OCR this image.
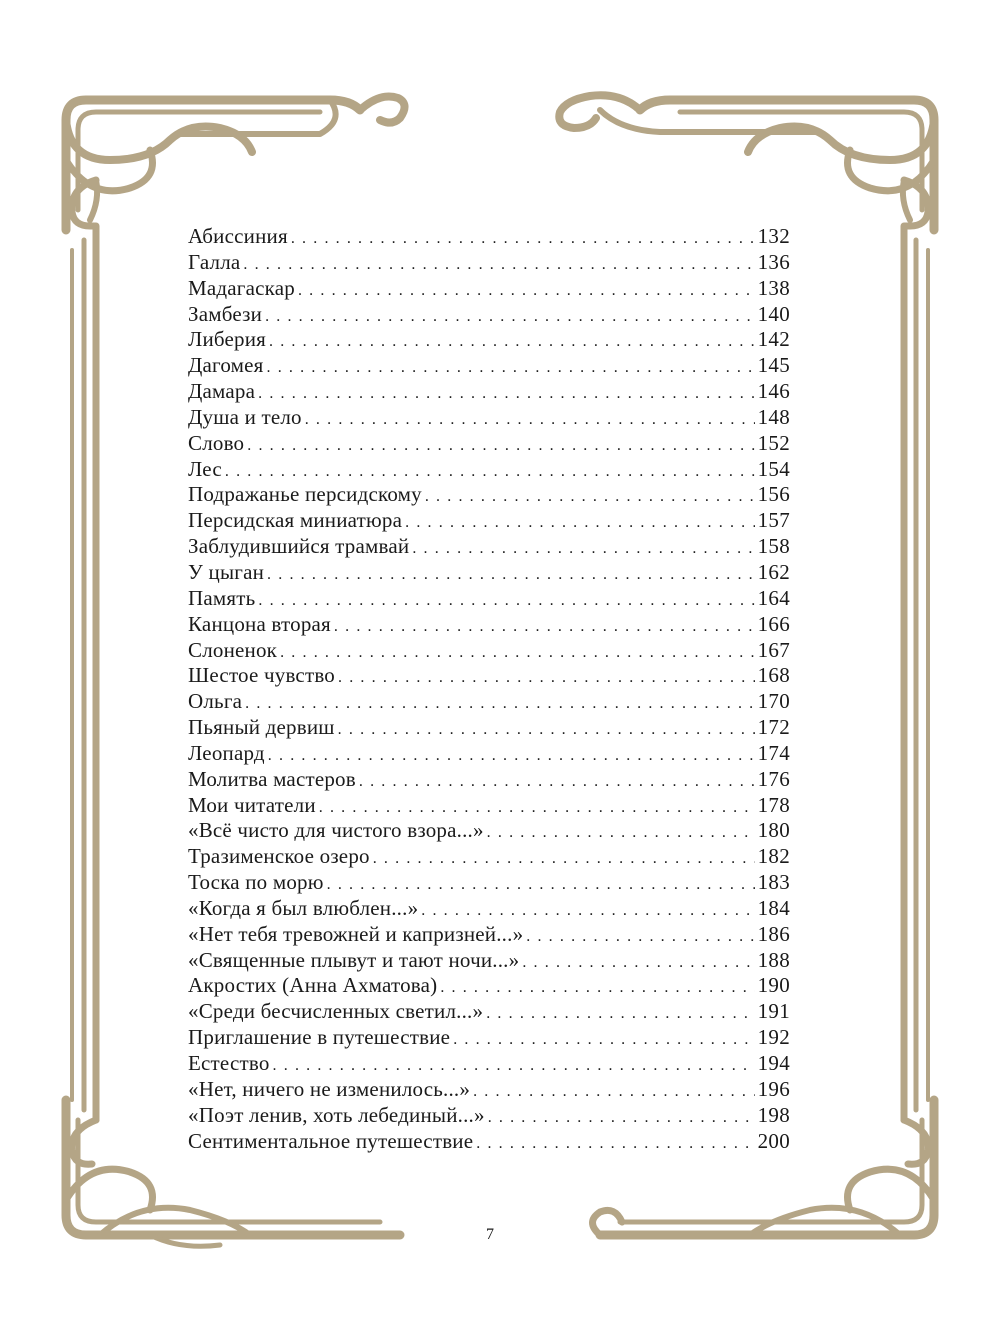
Абиссиния . . .	132
Галла . . .	136
Мадагаскар . . .	138
Замбези . . .	140
Либерия . . .	142
Дагомея . . .	145
Дамара . . .	146
Душа и тело . . .	148
Слово . . .	152
Лес . . .	154
Подражанье персидскому . . .	156
Персидская миниатюра . . .	157
Заблудившийся трамвай . . .	158
У цыган . . .	162
Память . . .	164
Канцона вторая . . .	166
Слоненок . . .	167
Шестое чувство . . .	168
Ольга . . .	170
Пьяный дервиш . . .	172
Леопард . . .	174
Молитва мастеров . . .	176
Мои читатели . . .	178
«Всё чисто для чистого взора...» . . .	180
Тразименское озеро . . .	182
Тоска по морю . . .	183
«Когда я был влюблен...» . . .	184
«Нет тебя тревожней и капризней...» . . .	186
«Священные плывут и тают ночи...» . . .	188
Акростих (Анна Ахматова) . . .	190
«Среди бесчисленных светил...» . . .	191
Приглашение в путешествие . . .	192
Естество . . .	194
«Нет, ничего не изменилось...» . . .	196
«Поэт ленив, хоть лебединый...» . . .	198
Сентиментальное путешествие . . .	200
7
